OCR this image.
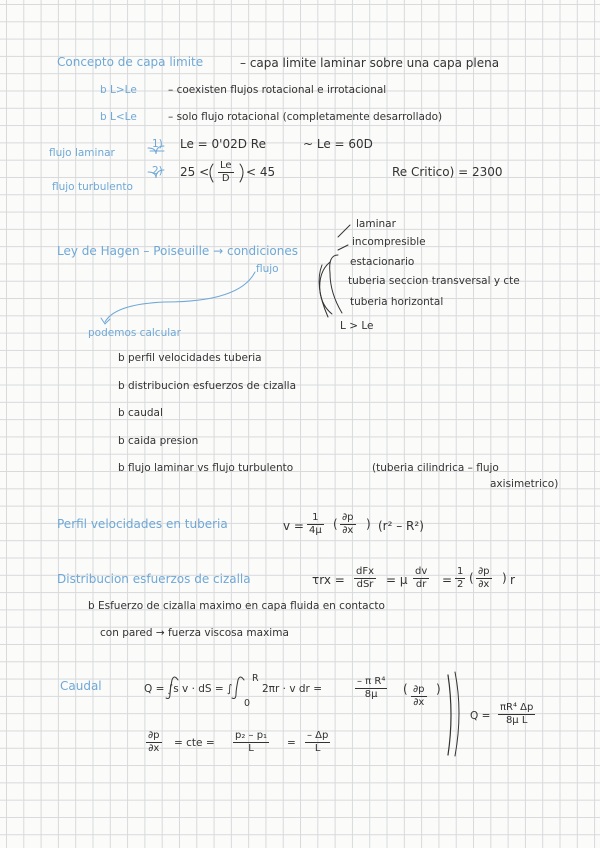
Concepto de capa limite	– capa limite laminar sobre una capa plena
b L>Le	– coexisten flujos rotacional e irrotacional
b L<Le	– solo flujo rotacional (completamente desarrollado)
flujo laminar
flujo turbulento
1) Le = 0'02D Re	~ Le = 60D
2) $25 < \frac{Le}{D} < 45$	Re Critico) = 2300
Ley de Hagen – Poiseuille → condiciones
flujo
laminar
incompresible
estacionario
tuberia seccion transversal y cte
tuberia horizontal
L > Le
podemos calcular
b perfil velocidades tuberia
b distribucion esfuerzos de cizalla
b caudal
b caida presion
b flujo laminar vs flujo turbulento	(tuberia cilindrica – flujo
axisimetrico)
Perfil velocidades en tuberia	$v = \frac{1}{4\mu}$ ( $\frac{\partial p}{\partial x}$ ) (r² – R²)
Distribucion esfuerzos de cizalla	τrx =
dFx
dSr = μ $\frac{dv}{dr} = \frac{1}{2}$ ( $\frac{\partial p}{\partial x}$ ) r
b Esfuerzo de cizalla maximo en capa fluida en contacto
con pared → fuerza viscosa maxima
Caudal	Q = ∫s v · dS = ∫
R
0
2πr · v dr =	$\frac{\text{– π R⁴}}{8\mu}$ ( $\frac{\partial p}{\partial x}$ )
$\frac{\partial p}{\partial x}$ = cte = $\frac{\text{p₂ – p₁}}{L} = \frac{- \Delta p}{L}$
$Q = \frac{\text{πR⁴ Δp}}{\text{8μ L}}$
